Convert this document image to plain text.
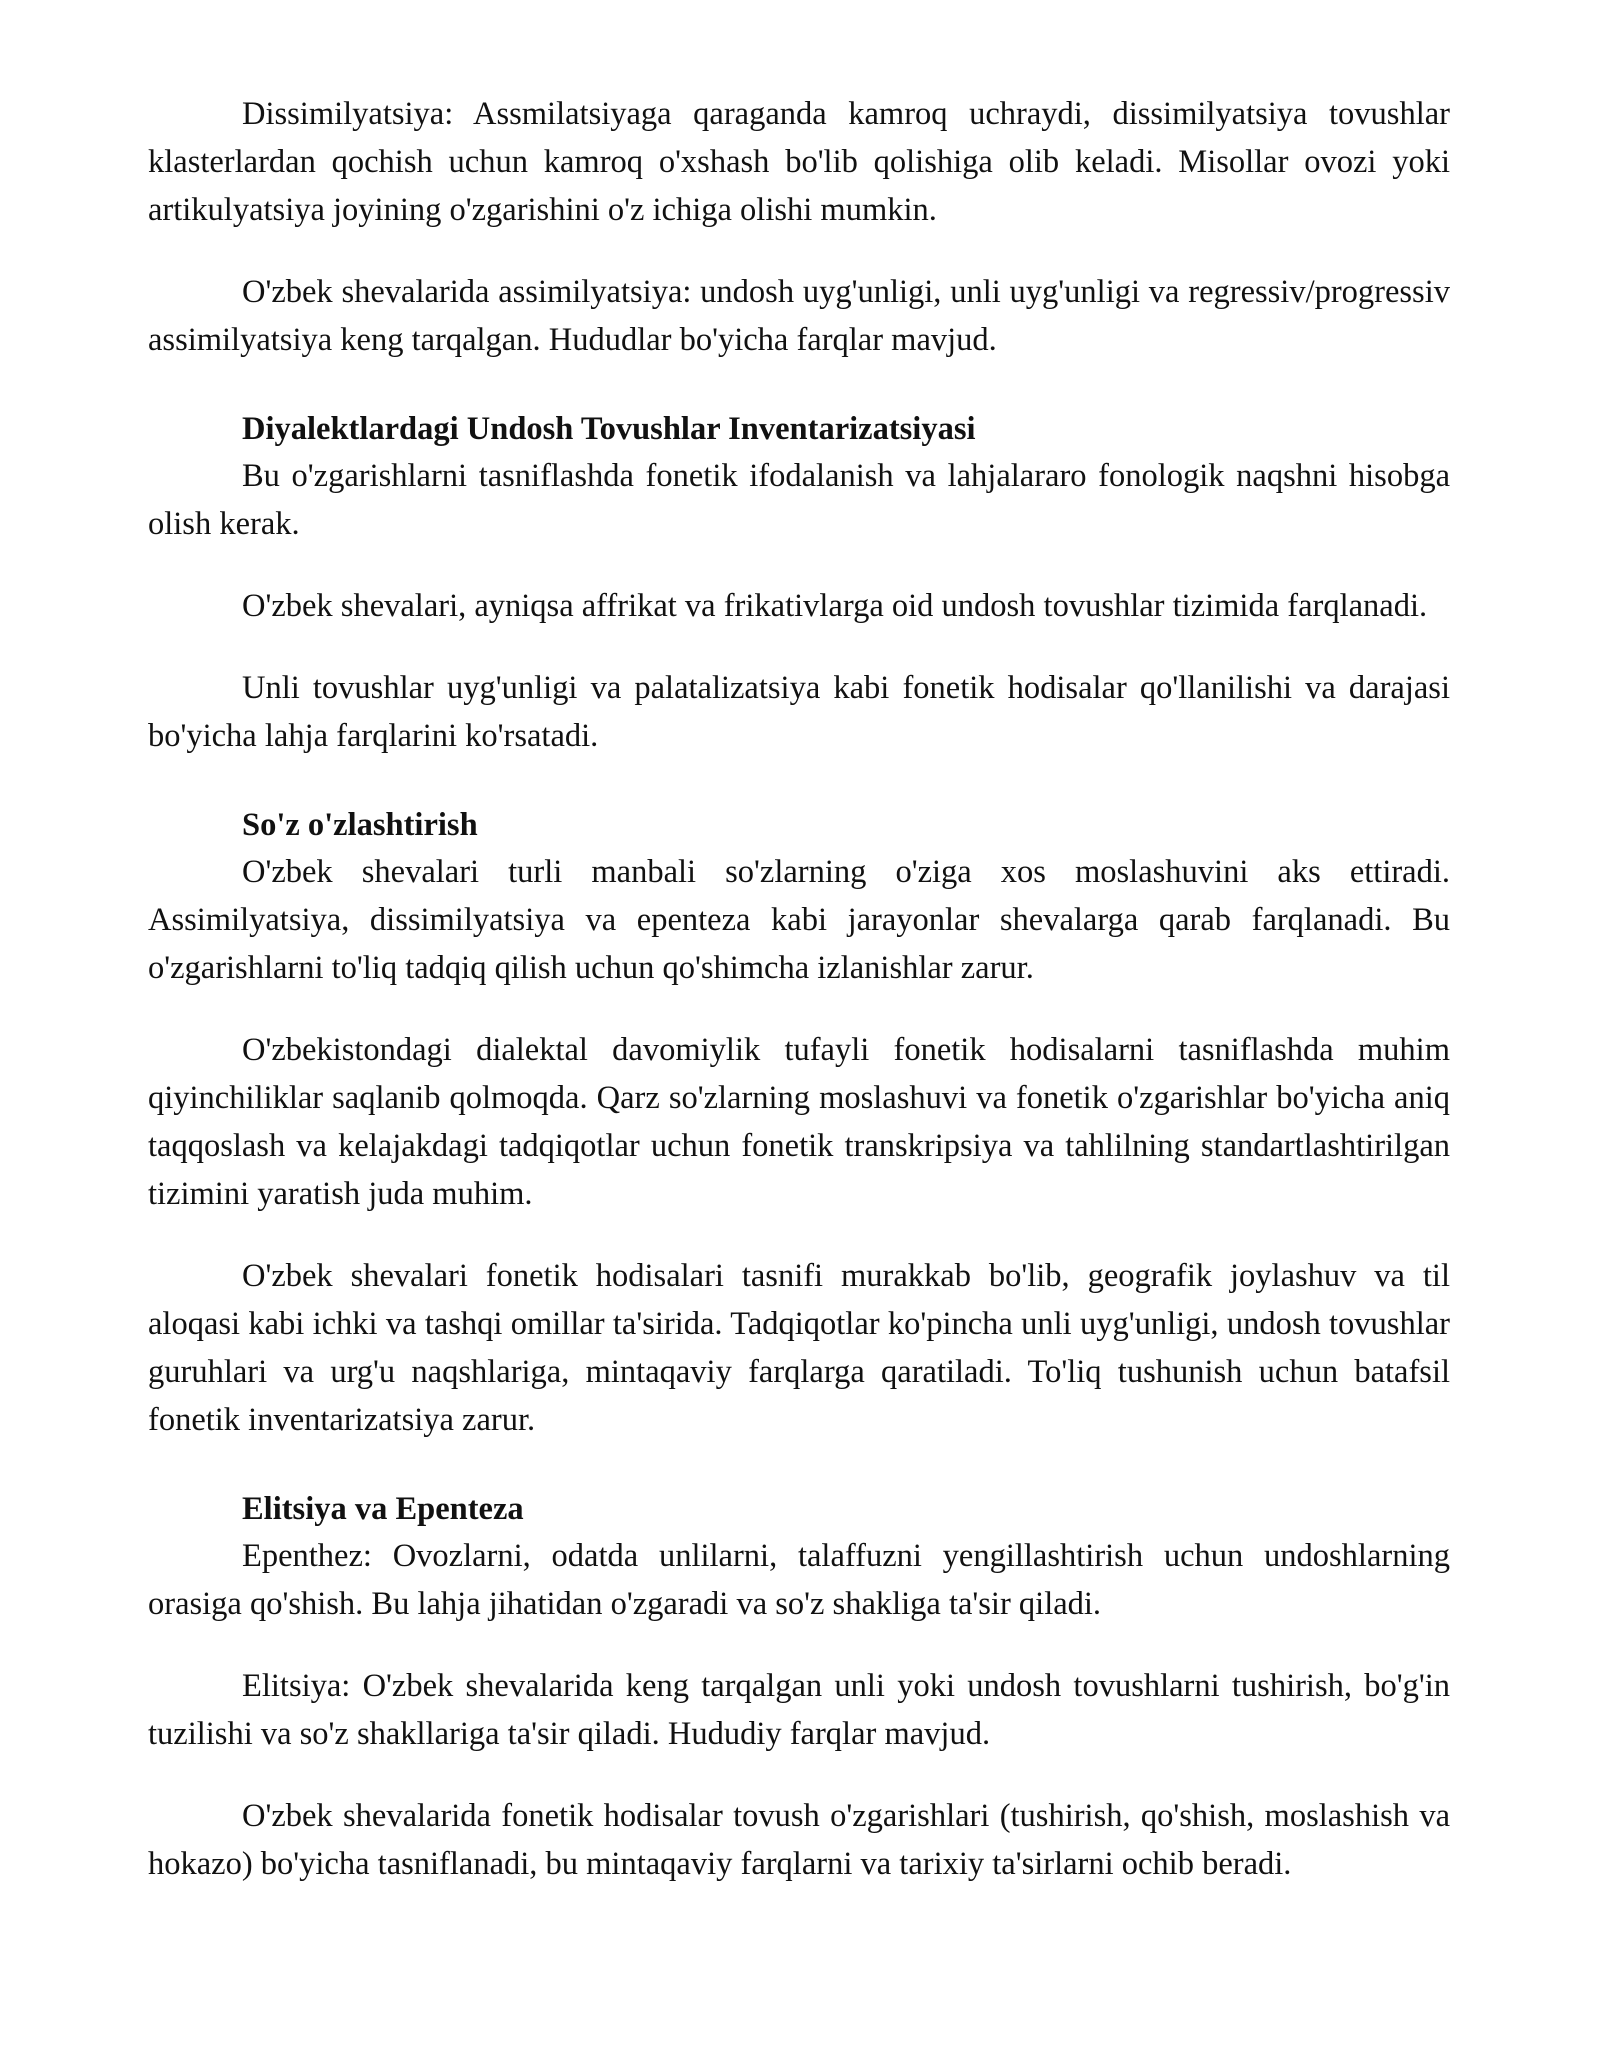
Dissimilyatsiya: Assmilatsiyaga qaraganda kamroq uchraydi, dissimilyatsiya tovushlar klasterlardan qochish uchun kamroq o'xshash bo'lib qolishiga olib keladi. Misollar ovozi yoki artikulyatsiya joyining o'zgarishini o'z ichiga olishi mumkin.

O'zbek shevalarida assimilyatsiya: undosh uyg'unligi, unli uyg'unligi va regressiv/progressiv assimilyatsiya keng tarqalgan. Hududlar bo'yicha farqlar mavjud.

Diyalektlardagi Undosh Tovushlar Inventarizatsiyasi

Bu o'zgarishlarni tasniflashda fonetik ifodalanish va lahjalararo fonologik naqshni hisobga olish kerak.

O'zbek shevalari, ayniqsa affrikat va frikativlarga oid undosh tovushlar tizimida farqlanadi.

Unli tovushlar uyg'unligi va palatalizatsiya kabi fonetik hodisalar qo'llanilishi va darajasi bo'yicha lahja farqlarini ko'rsatadi.

So'z o'zlashtirish

O'zbek shevalari turli manbali so'zlarning o'ziga xos moslashuvini aks ettiradi. Assimilyatsiya, dissimilyatsiya va epenteza kabi jarayonlar shevalarga qarab farqlanadi. Bu o'zgarishlarni to'liq tadqiq qilish uchun qo'shimcha izlanishlar zarur.

O'zbekistondagi dialektal davomiylik tufayli fonetik hodisalarni tasniflashda muhim qiyinchiliklar saqlanib qolmoqda. Qarz so'zlarning moslashuvi va fonetik o'zgarishlar bo'yicha aniq taqqoslash va kelajakdagi tadqiqotlar uchun fonetik transkripsiya va tahlilning standartlashtirilgan tizimini yaratish juda muhim.

O'zbek shevalari fonetik hodisalari tasnifi murakkab bo'lib, geografik joylashuv va til aloqasi kabi ichki va tashqi omillar ta'sirida. Tadqiqotlar ko'pincha unli uyg'unligi, undosh tovushlar guruhlari va urg'u naqshlariga, mintaqaviy farqlarga qaratiladi. To'liq tushunish uchun batafsil fonetik inventarizatsiya zarur.

Elitsiya va Epenteza

Epenthez: Ovozlarni, odatda unlilarni, talaffuzni yengillashtirish uchun undoshlarning orasiga qo'shish. Bu lahja jihatidan o'zgaradi va so'z shakliga ta'sir qiladi.

Elitsiya: O'zbek shevalarida keng tarqalgan unli yoki undosh tovushlarni tushirish, bo'g'in tuzilishi va so'z shakllariga ta'sir qiladi. Hududiy farqlar mavjud.

O'zbek shevalarida fonetik hodisalar tovush o'zgarishlari (tushirish, qo'shish, moslashish va hokazo) bo'yicha tasniflanadi, bu mintaqaviy farqlarni va tarixiy ta'sirlarni ochib beradi.
